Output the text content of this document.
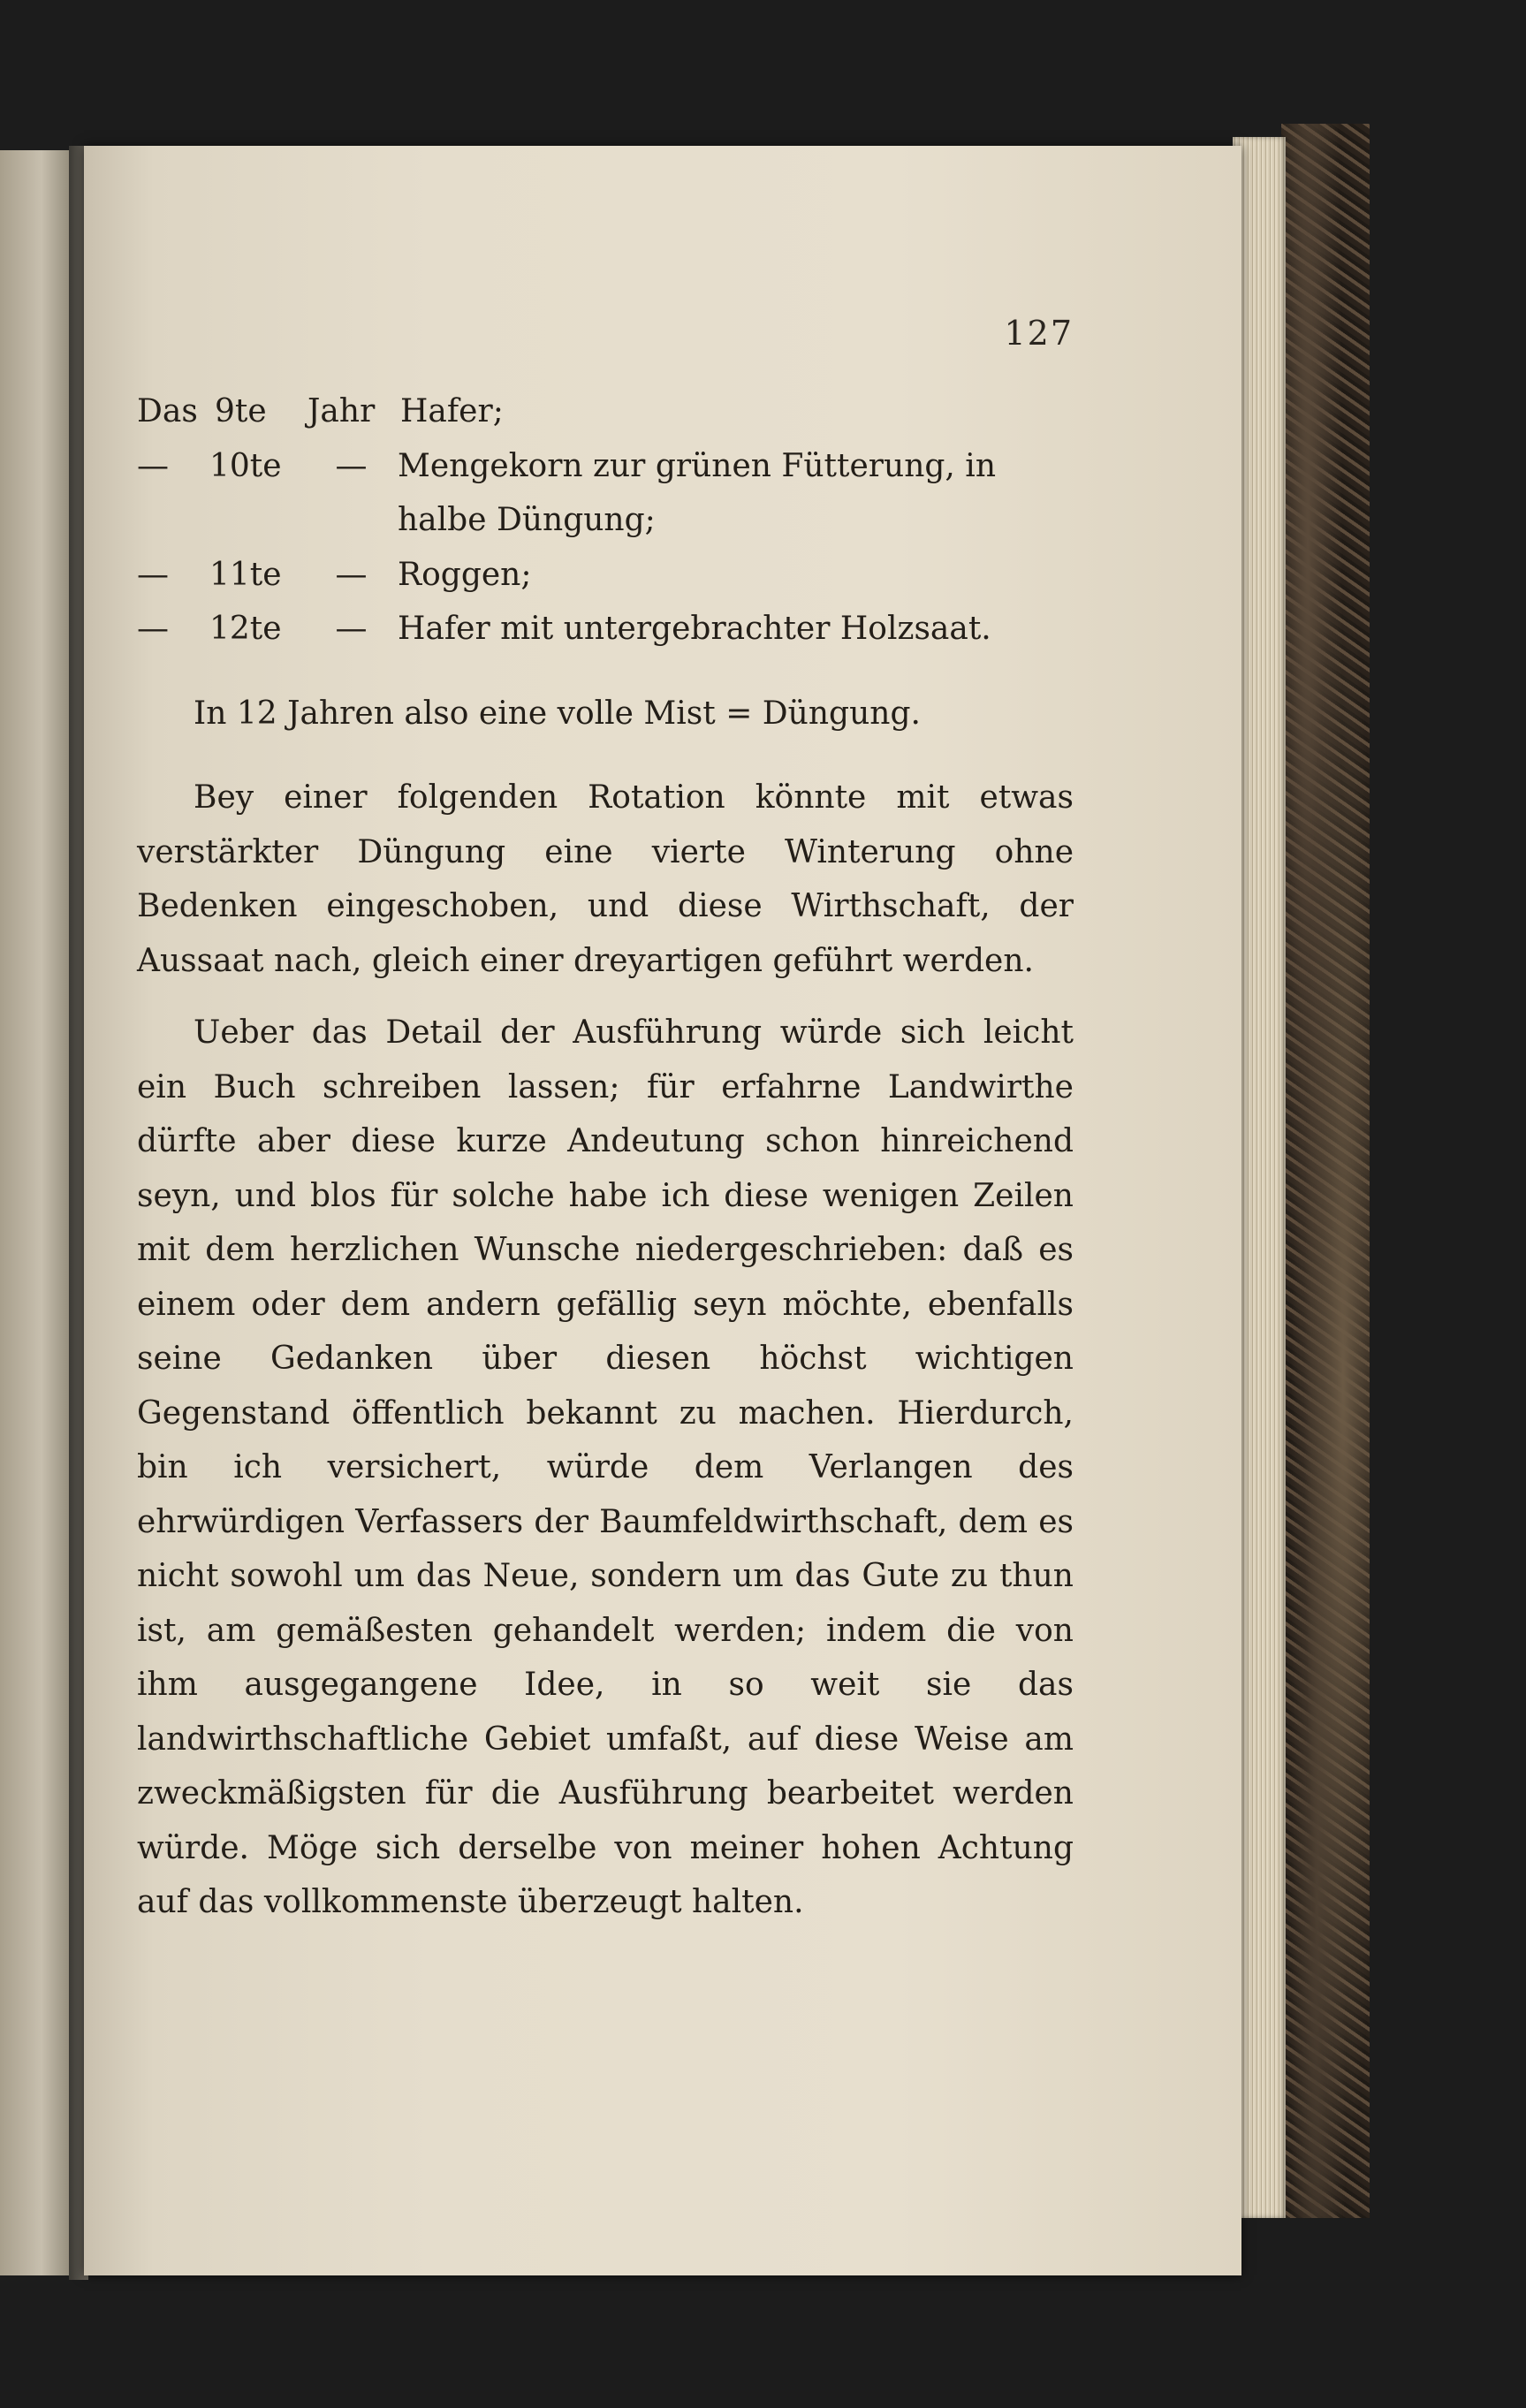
127
Das 9te	Jahr Hafer;
—	10te	— Mengekorn zur grünen Fütterung, in
halbe Düngung;
—	11te	— Roggen;
—	12te	— Hafer mit untergebrachter Holzsaat.

In 12 Jahren also eine volle Mist = Düngung.

Bey einer folgenden Rotation könnte mit etwas verstärkter Düngung eine vierte Winterung ohne Bedenken eingeschoben, und diese Wirthschaft, der Aussaat nach, gleich einer dreyartigen geführt werden.

Ueber das Detail der Ausführung würde sich leicht ein Buch schreiben lassen; für erfahrne Landwirthe dürfte aber diese kurze Andeutung schon hinreichend seyn, und blos für solche habe ich diese wenigen Zeilen mit dem herzlichen Wunsche niedergeschrieben: daß es einem oder dem andern gefällig seyn möchte, ebenfalls seine Gedanken über diesen höchst wichtigen Gegenstand öffentlich bekannt zu machen. Hierdurch, bin ich versichert, würde dem Verlangen des ehrwürdigen Verfassers der Baumfeldwirthschaft, dem es nicht sowohl um das Neue, sondern um das Gute zu thun ist, am gemäßesten gehandelt werden; indem die von ihm ausgegangene Idee, in so weit sie das landwirthschaftliche Gebiet umfaßt, auf diese Weise am zweckmäßigsten für die Ausführung bearbeitet werden würde. Möge sich derselbe von meiner hohen Achtung auf das vollkommenste überzeugt halten.
